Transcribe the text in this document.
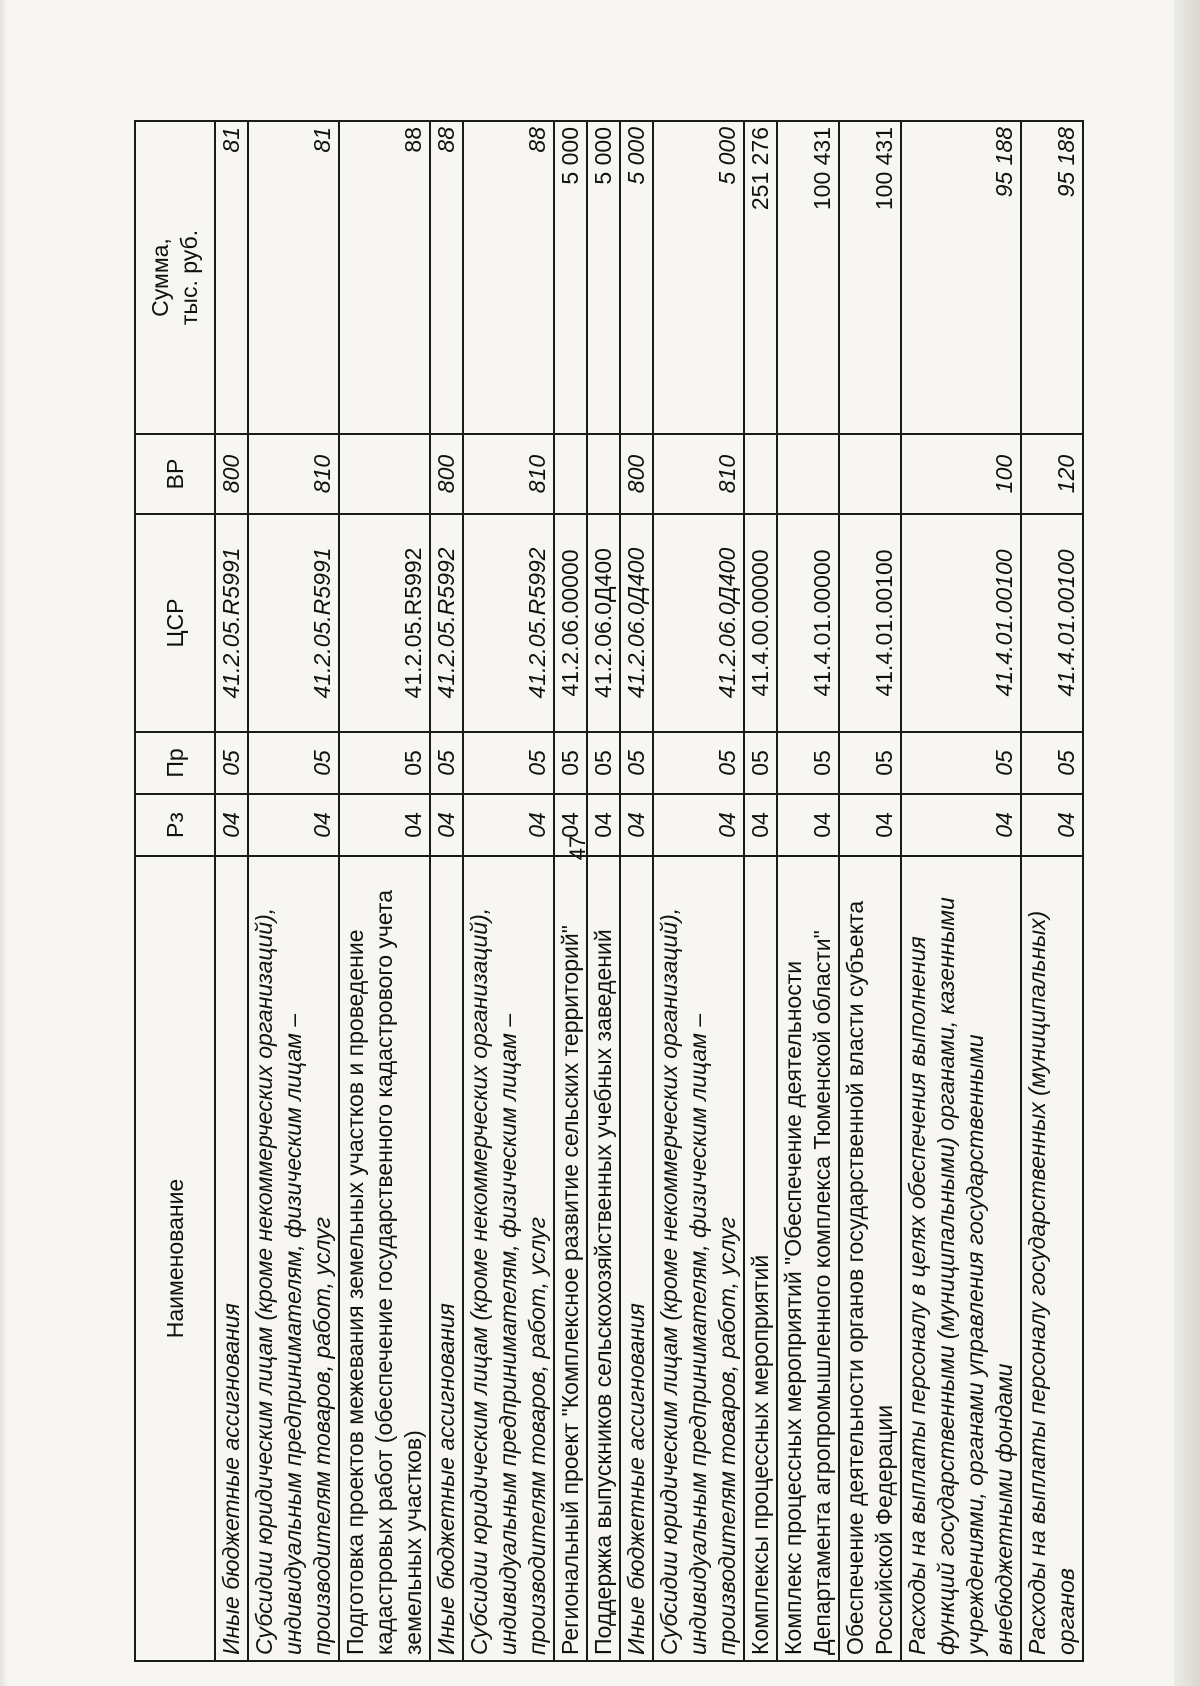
47
Наименование	Рз	Пр	ЦСР	ВР	Сумма, тыс. руб.
Иные бюджетные ассигнования	04	05	41.2.05.R5991	800	81
Субсидии юридическим лицам (кроме некоммерческих организаций), индивидуальным предпринимателям, физическим лицам – производителям товаров, работ, услуг	04	05	41.2.05.R5991	810	81
Подготовка проектов межевания земельных участков и проведение кадастровых работ (обеспечение государственного кадастрового учета земельных участков)	04	05	41.2.05.R5992		88
Иные бюджетные ассигнования	04	05	41.2.05.R5992	800	88
Субсидии юридическим лицам (кроме некоммерческих организаций), индивидуальным предпринимателям, физическим лицам – производителям товаров, работ, услуг	04	05	41.2.05.R5992	810	88
Региональный проект "Комплексное развитие сельских территорий"	04	05	41.2.06.00000		5 000
Поддержка выпускников сельскохозяйственных учебных заведений	04	05	41.2.06.0Д400		5 000
Иные бюджетные ассигнования	04	05	41.2.06.0Д400	800	5 000
Субсидии юридическим лицам (кроме некоммерческих организаций), индивидуальным предпринимателям, физическим лицам – производителям товаров, работ, услуг	04	05	41.2.06.0Д400	810	5 000
Комплексы процессных мероприятий	04	05	41.4.00.00000		251 276
Комплекс процессных мероприятий "Обеспечение деятельности Департамента агропромышленного комплекса Тюменской области"	04	05	41.4.01.00000		100 431
Обеспечение деятельности органов государственной власти субъекта Российской Федерации	04	05	41.4.01.00100		100 431
Расходы на выплаты персоналу в целях обеспечения выполнения функций государственными (муниципальными) органами, казенными учреждениями, органами управления государственными внебюджетными фондами	04	05	41.4.01.00100	100	95 188
Расходы на выплаты персоналу государственных (муниципальных) органов	04	05	41.4.01.00100	120	95 188
